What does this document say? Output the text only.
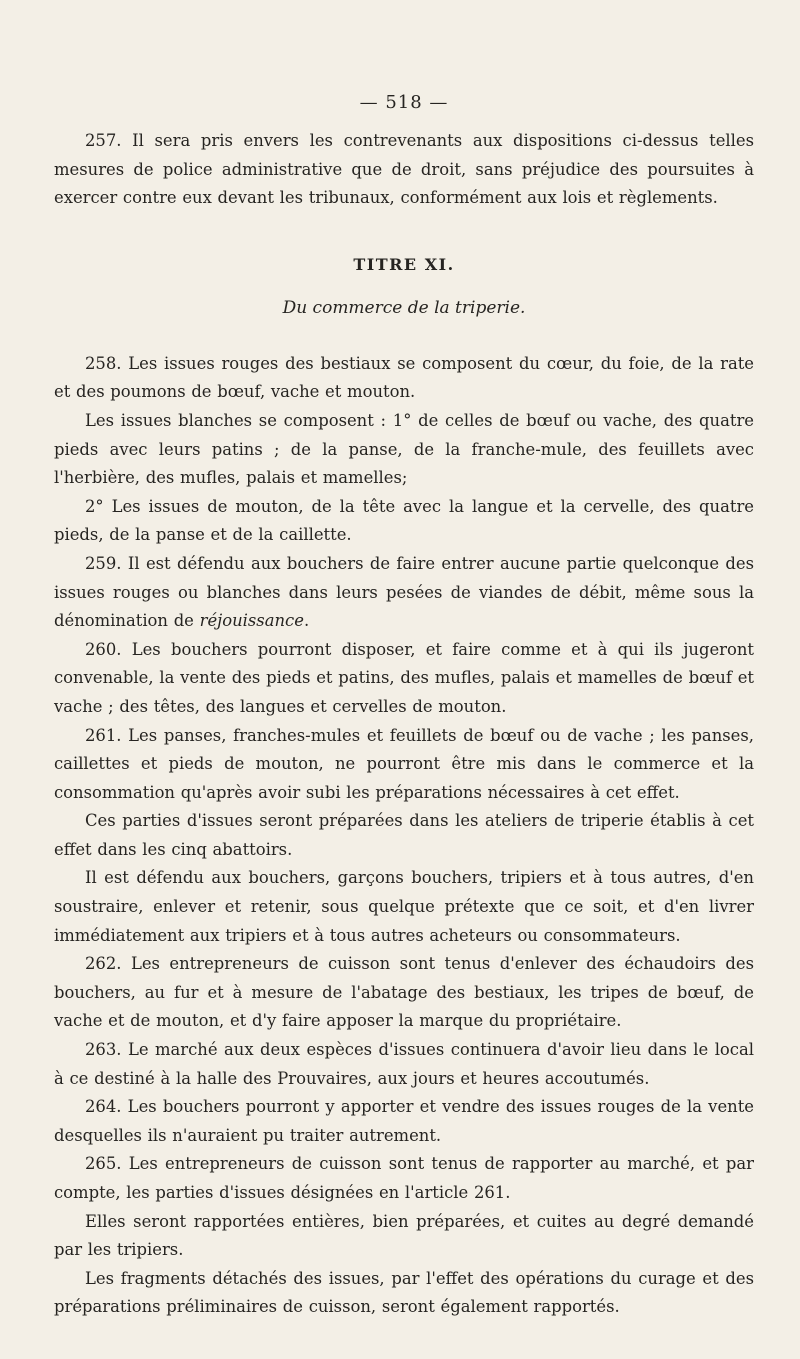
— 518 —

257. Il sera pris envers les contrevenants aux dispositions ci-dessus telles mesures de police administrative que de droit, sans préjudice des poursuites à exercer contre eux devant les tribunaux, conformément aux lois et règlements.

TITRE XI.
Du commerce de la triperie.

258. Les issues rouges des bestiaux se composent du cœur, du foie, de la rate et des poumons de bœuf, vache et mouton.

Les issues blanches se composent : 1° de celles de bœuf ou vache, des quatre pieds avec leurs patins ; de la panse, de la franche-mule, des feuillets avec l'herbière, des mufles, palais et mamelles;

2° Les issues de mouton, de la tête avec la langue et la cervelle, des quatre pieds, de la panse et de la caillette.

259. Il est défendu aux bouchers de faire entrer aucune partie quelconque des issues rouges ou blanches dans leurs pesées de viandes de débit, même sous la dénomination de réjouissance.

260. Les bouchers pourront disposer, et faire comme et à qui ils jugeront convenable, la vente des pieds et patins, des mufles, palais et mamelles de bœuf et vache ; des têtes, des langues et cervelles de mouton.

261. Les panses, franches-mules et feuillets de bœuf ou de vache ; les panses, caillettes et pieds de mouton, ne pourront être mis dans le commerce et la consommation qu'après avoir subi les préparations nécessaires à cet effet.

Ces parties d'issues seront préparées dans les ateliers de triperie établis à cet effet dans les cinq abattoirs.

Il est défendu aux bouchers, garçons bouchers, tripiers et à tous autres, d'en soustraire, enlever et retenir, sous quelque prétexte que ce soit, et d'en livrer immédiatement aux tripiers et à tous autres acheteurs ou consommateurs.

262. Les entrepreneurs de cuisson sont tenus d'enlever des échaudoirs des bouchers, au fur et à mesure de l'abatage des bestiaux, les tripes de bœuf, de vache et de mouton, et d'y faire apposer la marque du propriétaire.

263. Le marché aux deux espèces d'issues continuera d'avoir lieu dans le local à ce destiné à la halle des Prouvaires, aux jours et heures accoutumés.

264. Les bouchers pourront y apporter et vendre des issues rouges de la vente desquelles ils n'auraient pu traiter autrement.

265. Les entrepreneurs de cuisson sont tenus de rapporter au marché, et par compte, les parties d'issues désignées en l'article 261.

Elles seront rapportées entières, bien préparées, et cuites au degré demandé par les tripiers.

Les fragments détachés des issues, par l'effet des opérations du curage et des préparations préliminaires de cuisson, seront également rapportés.
